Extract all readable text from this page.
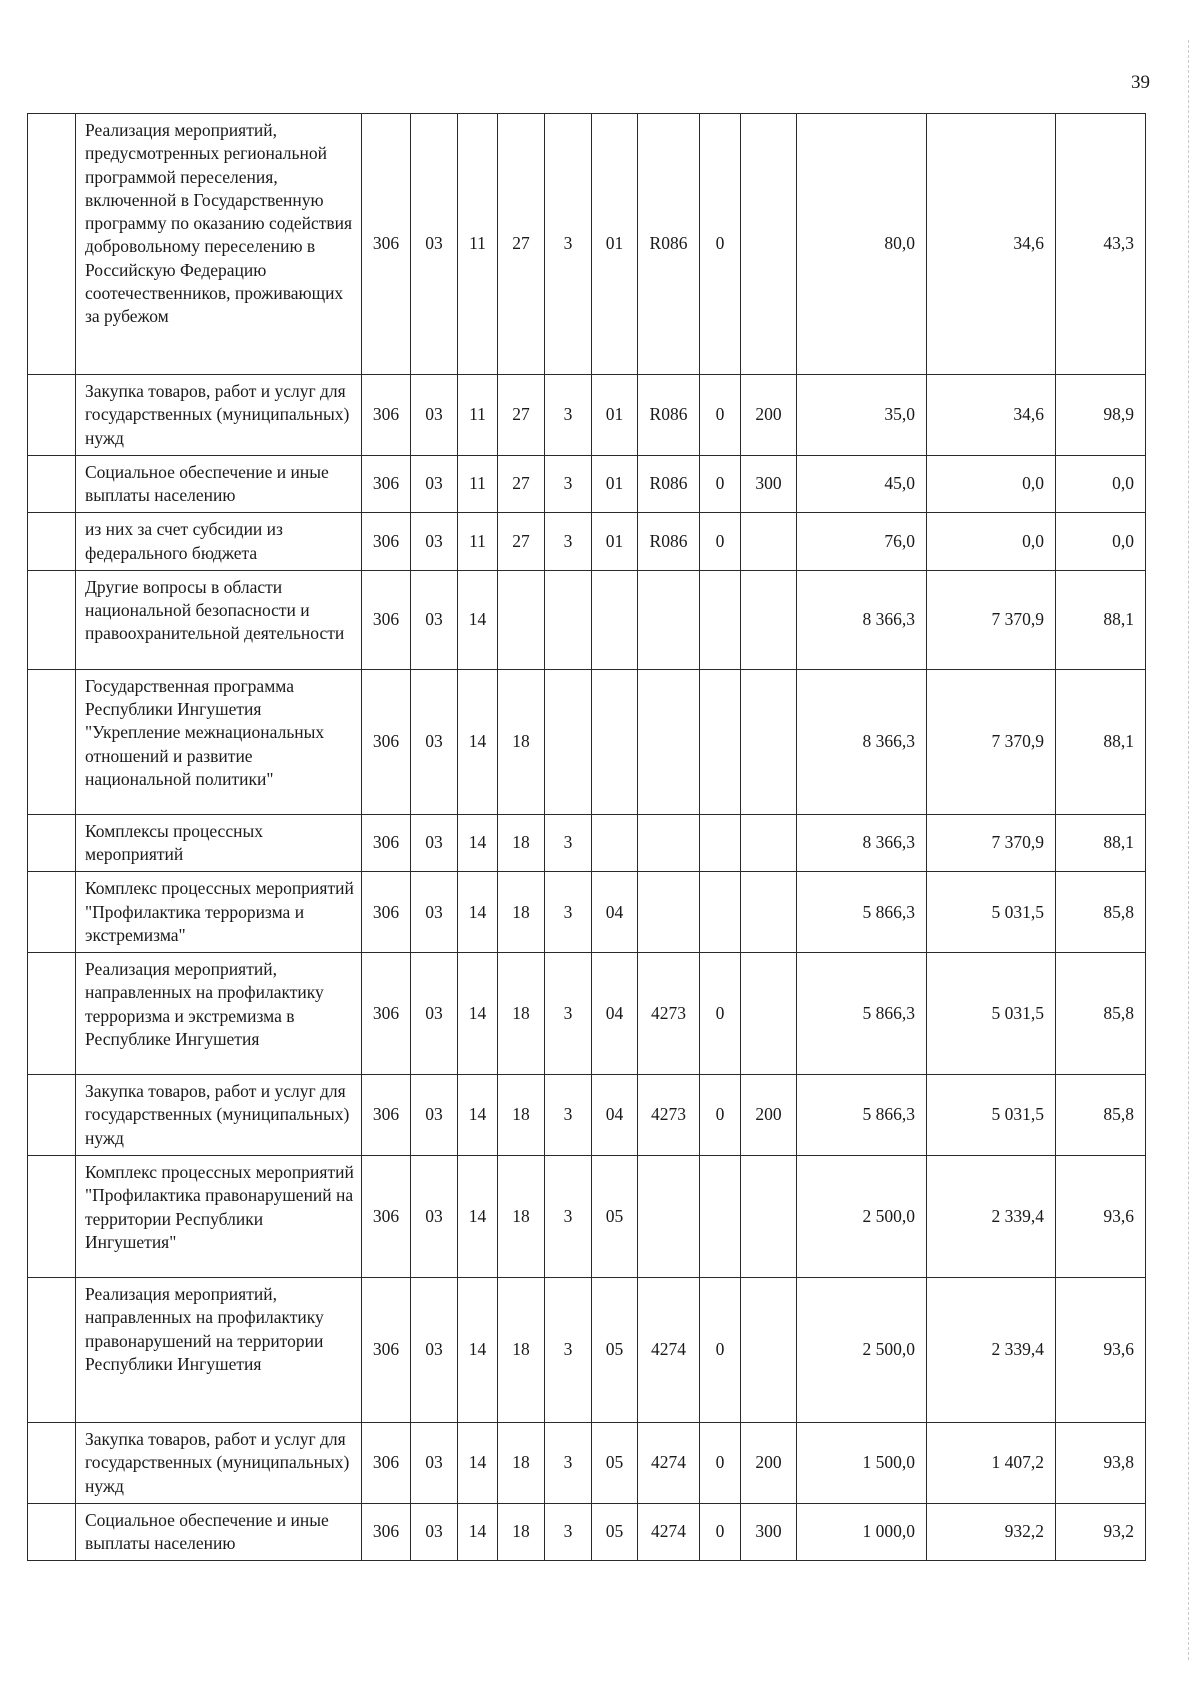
39
	Реализация мероприятий, предусмотренных региональной программой переселения, включенной в Государственную программу по оказанию содействия добровольному переселению в Российскую Федерацию соотечественников, проживающих за рубежом	306	03	11	27	3	01	R086	0		80,0	34,6	43,3
	Закупка товаров, работ и услуг для государственных (муниципальных) нужд	306	03	11	27	3	01	R086	0	200	35,0	34,6	98,9
	Социальное обеспечение и иные выплаты населению	306	03	11	27	3	01	R086	0	300	45,0	0,0	0,0
	из них за счет субсидии из федерального бюджета	306	03	11	27	3	01	R086	0		76,0	0,0	0,0
	Другие вопросы в области национальной безопасности и правоохранительной деятельности	306	03	14							8 366,3	7 370,9	88,1
	Государственная программа Республики Ингушетия "Укрепление межнациональных отношений и развитие национальной политики"	306	03	14	18						8 366,3	7 370,9	88,1
	Комплексы процессных мероприятий	306	03	14	18	3					8 366,3	7 370,9	88,1
	Комплекс процессных мероприятий "Профилактика терроризма и экстремизма"	306	03	14	18	3	04				5 866,3	5 031,5	85,8
	Реализация мероприятий, направленных на профилактику терроризма и экстремизма в Республике Ингушетия	306	03	14	18	3	04	4273	0		5 866,3	5 031,5	85,8
	Закупка товаров, работ и услуг для государственных (муниципальных) нужд	306	03	14	18	3	04	4273	0	200	5 866,3	5 031,5	85,8
	Комплекс процессных мероприятий "Профилактика правонарушений на территории Республики Ингушетия"	306	03	14	18	3	05				2 500,0	2 339,4	93,6
	Реализация мероприятий, направленных на профилактику правонарушений на территории Республики Ингушетия	306	03	14	18	3	05	4274	0		2 500,0	2 339,4	93,6
	Закупка товаров, работ и услуг для государственных (муниципальных) нужд	306	03	14	18	3	05	4274	0	200	1 500,0	1 407,2	93,8
	Социальное обеспечение и иные выплаты населению	306	03	14	18	3	05	4274	0	300	1 000,0	932,2	93,2
